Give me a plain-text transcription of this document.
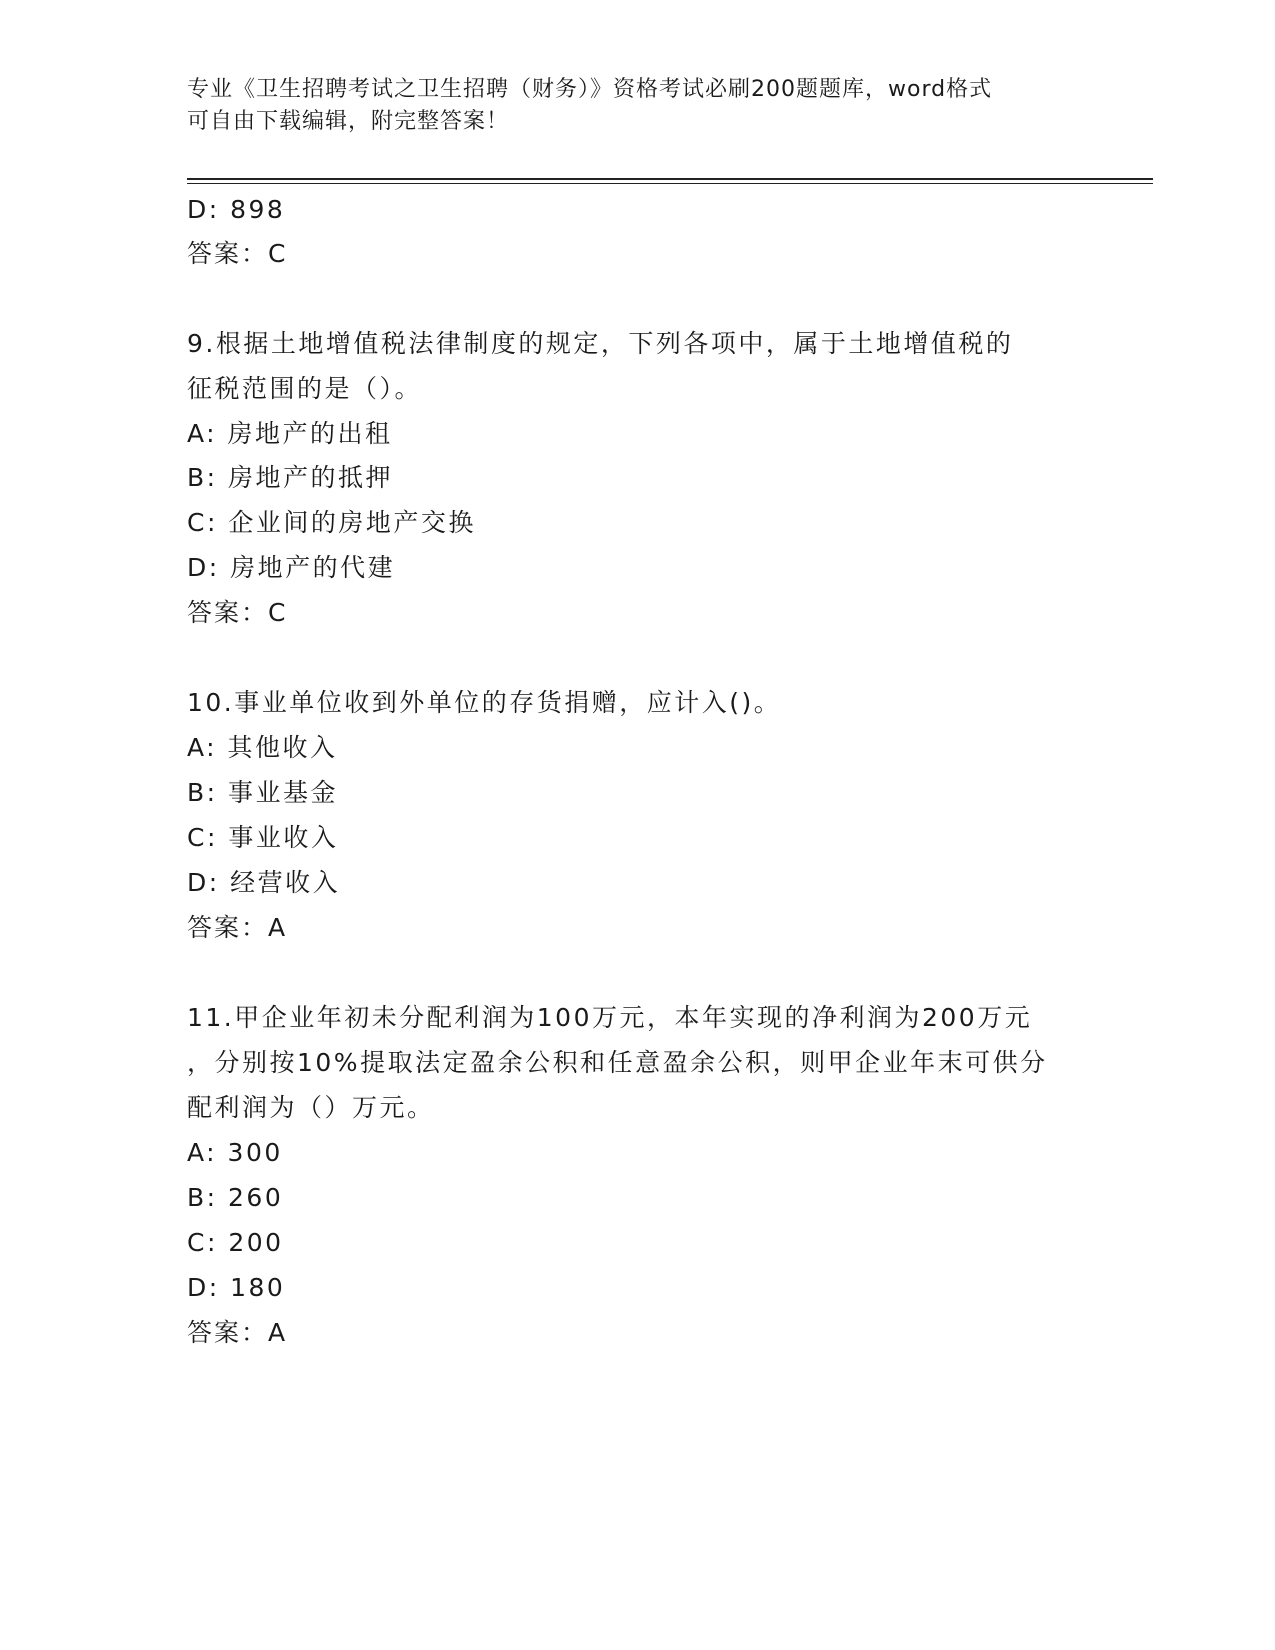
专业《卫生招聘考试之卫生招聘（财务）》资格考试必刷200题题库，word格式
可自由下载编辑，附完整答案！
D: 898
答案：C
9.根据土地增值税法律制度的规定，下列各项中，属于土地增值税的
征税范围的是（）。
A: 房地产的出租
B: 房地产的抵押
C: 企业间的房地产交换
D: 房地产的代建
答案：C
10.事业单位收到外单位的存货捐赠，应计入()。
A: 其他收入
B: 事业基金
C: 事业收入
D: 经营收入
答案：A
11.甲企业年初未分配利润为100万元，本年实现的净利润为200万元
，分别按10%提取法定盈余公积和任意盈余公积，则甲企业年末可供分
配利润为（）万元。
A: 300
B: 260
C: 200
D: 180
答案：A
